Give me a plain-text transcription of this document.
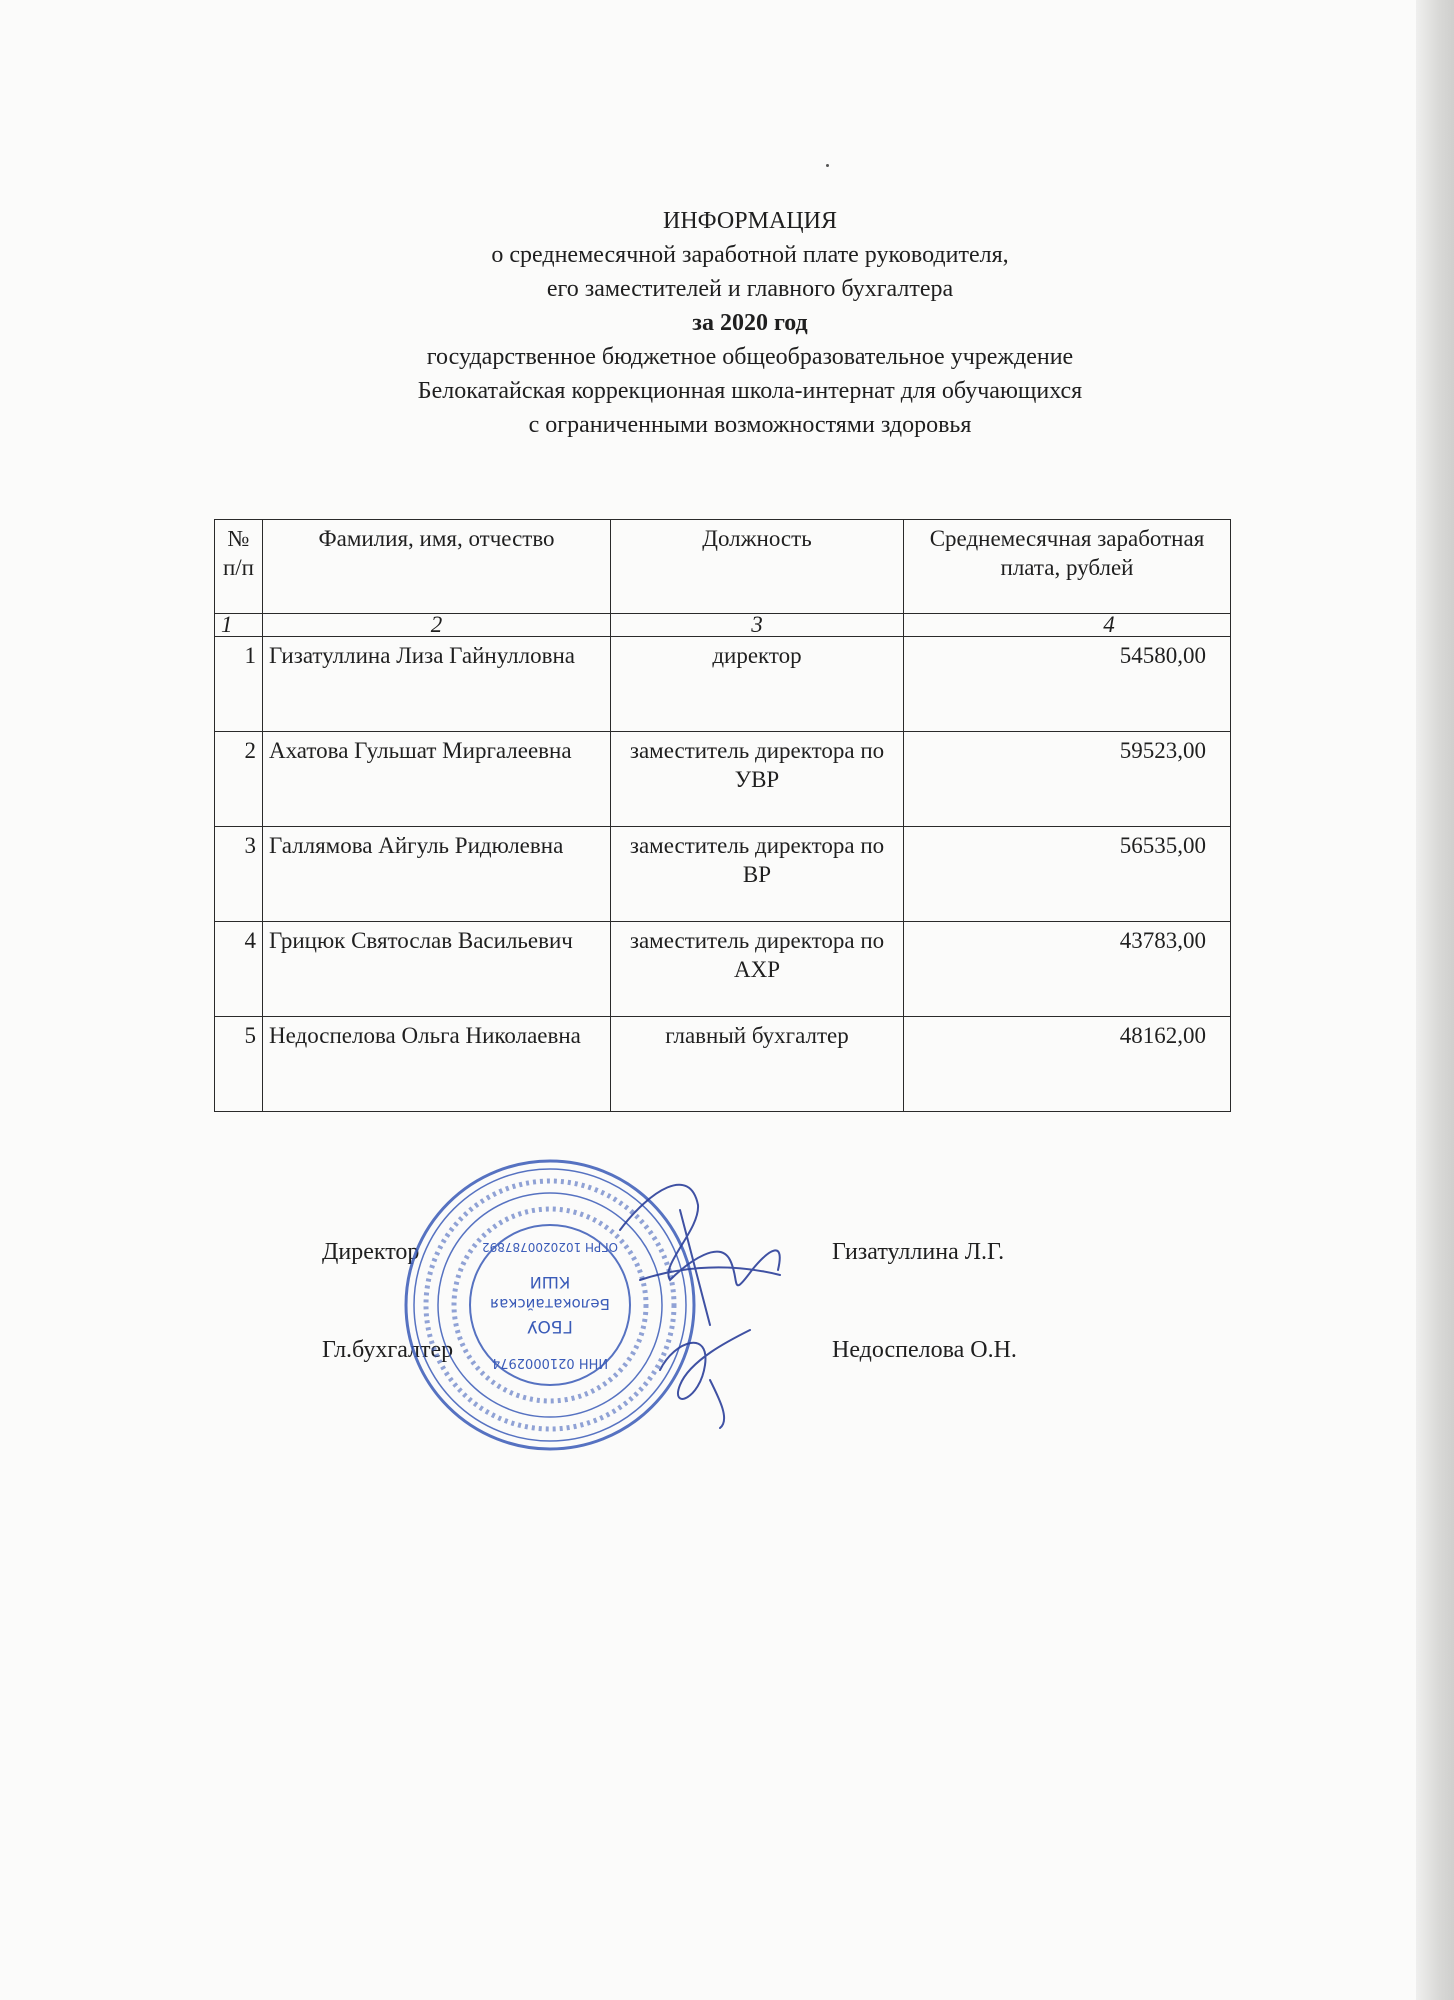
ИНФОРМАЦИЯ
о среднемесячной заработной плате руководителя,
его заместителей и главного бухгалтера
за 2020 год
государственное бюджетное общеобразовательное учреждение
Белокатайская коррекционная школа-интернат для обучающихся
с ограниченными возможностями здоровья
№ п/п	Фамилия, имя, отчество	Должность	Среднемесячная заработная плата, рублей
1	2	3	4
1	Гизатуллина Лиза Гайнулловна	директор	54580,00
2	Ахатова Гульшат Миргалеевна	заместитель директора по УВР	59523,00
3	Галлямова Айгуль Ридюлевна	заместитель директора по ВР	56535,00
4	Грицюк Святослав Васильевич	заместитель директора по АХР	43783,00
5	Недоспелова Ольга Николаевна	главный бухгалтер	48162,00
Директор	Гизатуллина Л.Г.
Гл.бухгалтер	Недоспелова О.Н.
ИНН 0210002974
ГБОУ
Белокатайская
КШИ
ОГРН 1020200787892
